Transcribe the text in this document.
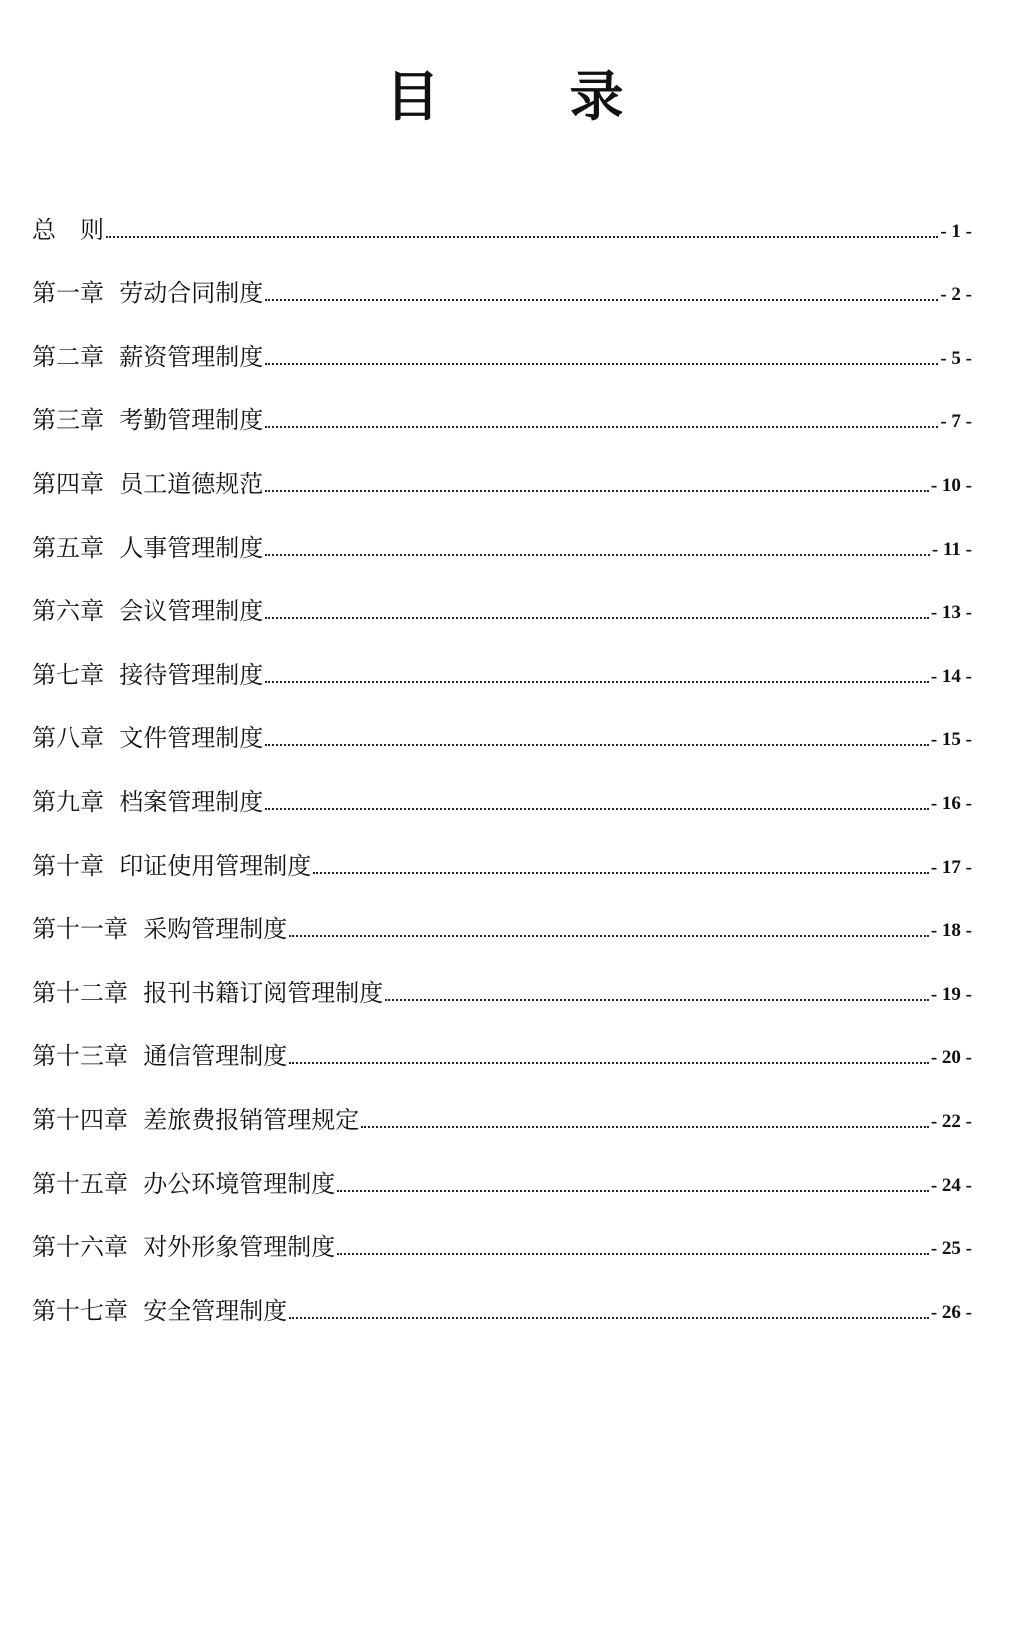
目　录
总　则	- 1 -
第一章  劳动合同制度	- 2 -
第二章  薪资管理制度	- 5 -
第三章  考勤管理制度	- 7 -
第四章  员工道德规范	- 10 -
第五章  人事管理制度	- 11 -
第六章  会议管理制度	- 13 -
第七章  接待管理制度	- 14 -
第八章  文件管理制度	- 15 -
第九章  档案管理制度	- 16 -
第十章  印证使用管理制度	- 17 -
第十一章  采购管理制度	- 18 -
第十二章  报刊书籍订阅管理制度	- 19 -
第十三章  通信管理制度	- 20 -
第十四章  差旅费报销管理规定	- 22 -
第十五章  办公环境管理制度	- 24 -
第十六章  对外形象管理制度	- 25 -
第十七章  安全管理制度	- 26 -
